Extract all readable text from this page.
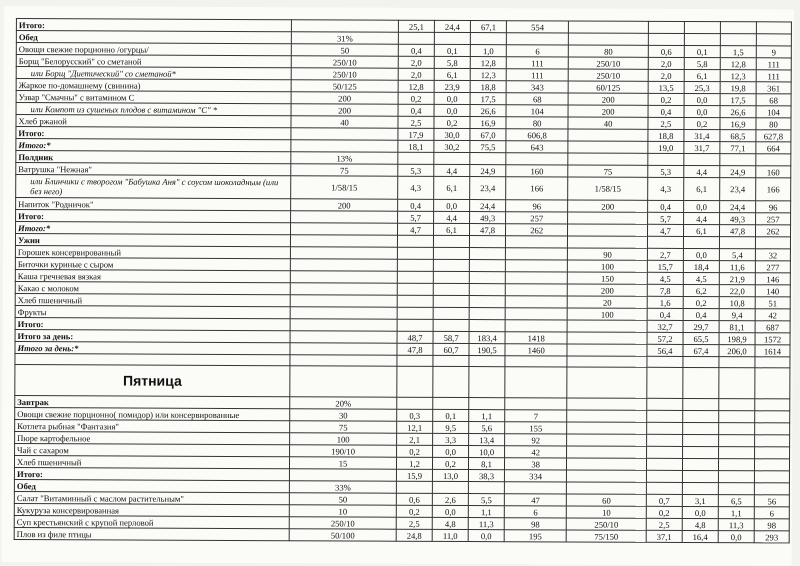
Итого:		25,1	24,4	67,1	554					
Обед	31%									
Овощи свежие порционно /огурцы/	50	0,4	0,1	1,0	6	80	0,6	0,1	1,5	9
Борщ "Белорусский" со сметаной	250/10	2,0	5,8	12,8	111	250/10	2,0	5,8	12,8	111
или Борщ "Диетический" со сметаной*	250/10	2,0	6,1	12,3	111	250/10	2,0	6,1	12,3	111
Жаркое по-домашнему (свинина)	50/125	12,8	23,9	18,8	343	60/125	13,5	25,3	19,8	361
Узвар "Смачны" с витамином С	200	0,2	0,0	17,5	68	200	0,2	0,0	17,5	68
или Компот из сушеных плодов с витамином "С" *	200	0,4	0,0	26,6	104	200	0,4	0,0	26,6	104
Хлеб ржаной	40	2,5	0,2	16,9	80	40	2,5	0,2	16,9	80
Итого:		17,9	30,0	67,0	606,8		18,8	31,4	68,5	627,8
Итого:*		18,1	30,2	75,5	643		19,0	31,7	77,1	664
Полдник	13%									
Ватрушка "Нежная"	75	5,3	4,4	24,9	160	75	5,3	4,4	24,9	160
или Блинчики с творогом "Бабушка Аня" с соусом шоколадным (или без него)	1/58/15	4,3	6,1	23,4	166	1/58/15	4,3	6,1	23,4	166
Напиток "Родничок"	200	0,4	0,0	24,4	96	200	0,4	0,0	24,4	96
Итого:		5,7	4,4	49,3	257		5,7	4,4	49,3	257
Итого:*		4,7	6,1	47,8	262		4,7	6,1	47,8	262
Ужин										
Горошек консервированный						90	2,7	0,0	5,4	32
Биточки куриные с сыром						100	15,7	18,4	11,6	277
Каша гречневая вязкая						150	4,5	4,5	21,9	146
Какао с молоком						200	7,8	6,2	22,0	140
Хлеб пшеничный						20	1,6	0,2	10,8	51
Фрукты						100	0,4	0,4	9,4	42
Итого:							32,7	29,7	81,1	687
Итого за день:		48,7	58,7	183,4	1418		57,2	65,5	198,9	1572
Итого за день:*		47,8	60,7	190,5	1460		56,4	67,4	206,0	1614

Пятница										
Завтрак	20%									
Овощи свежие порционно( помидор) или консервированные	30	0,3	0,1	1,1	7					
Котлета рыбная "Фантазия"	75	12,1	9,5	5,6	155					
Пюре картофельное	100	2,1	3,3	13,4	92					
Чай с сахаром	190/10	0,2	0,0	10,0	42					
Хлеб пшеничный	15	1,2	0,2	8,1	38					
Итого:		15,9	13,0	38,3	334					
Обед	33%									
Салат "Витаминный с маслом растительным"	50	0,6	2,6	5,5	47	60	0,7	3,1	6,5	56
Кукуруза консервированная	10	0,2	0,0	1,1	6	10	0,2	0,0	1,1	6
Суп крестьянский с крупой перловой	250/10	2,5	4,8	11,3	98	250/10	2,5	4,8	11,3	98
Плов из филе птицы	50/100	24,8	11,0	0,0	195	75/150	37,1	16,4	0,0	293
